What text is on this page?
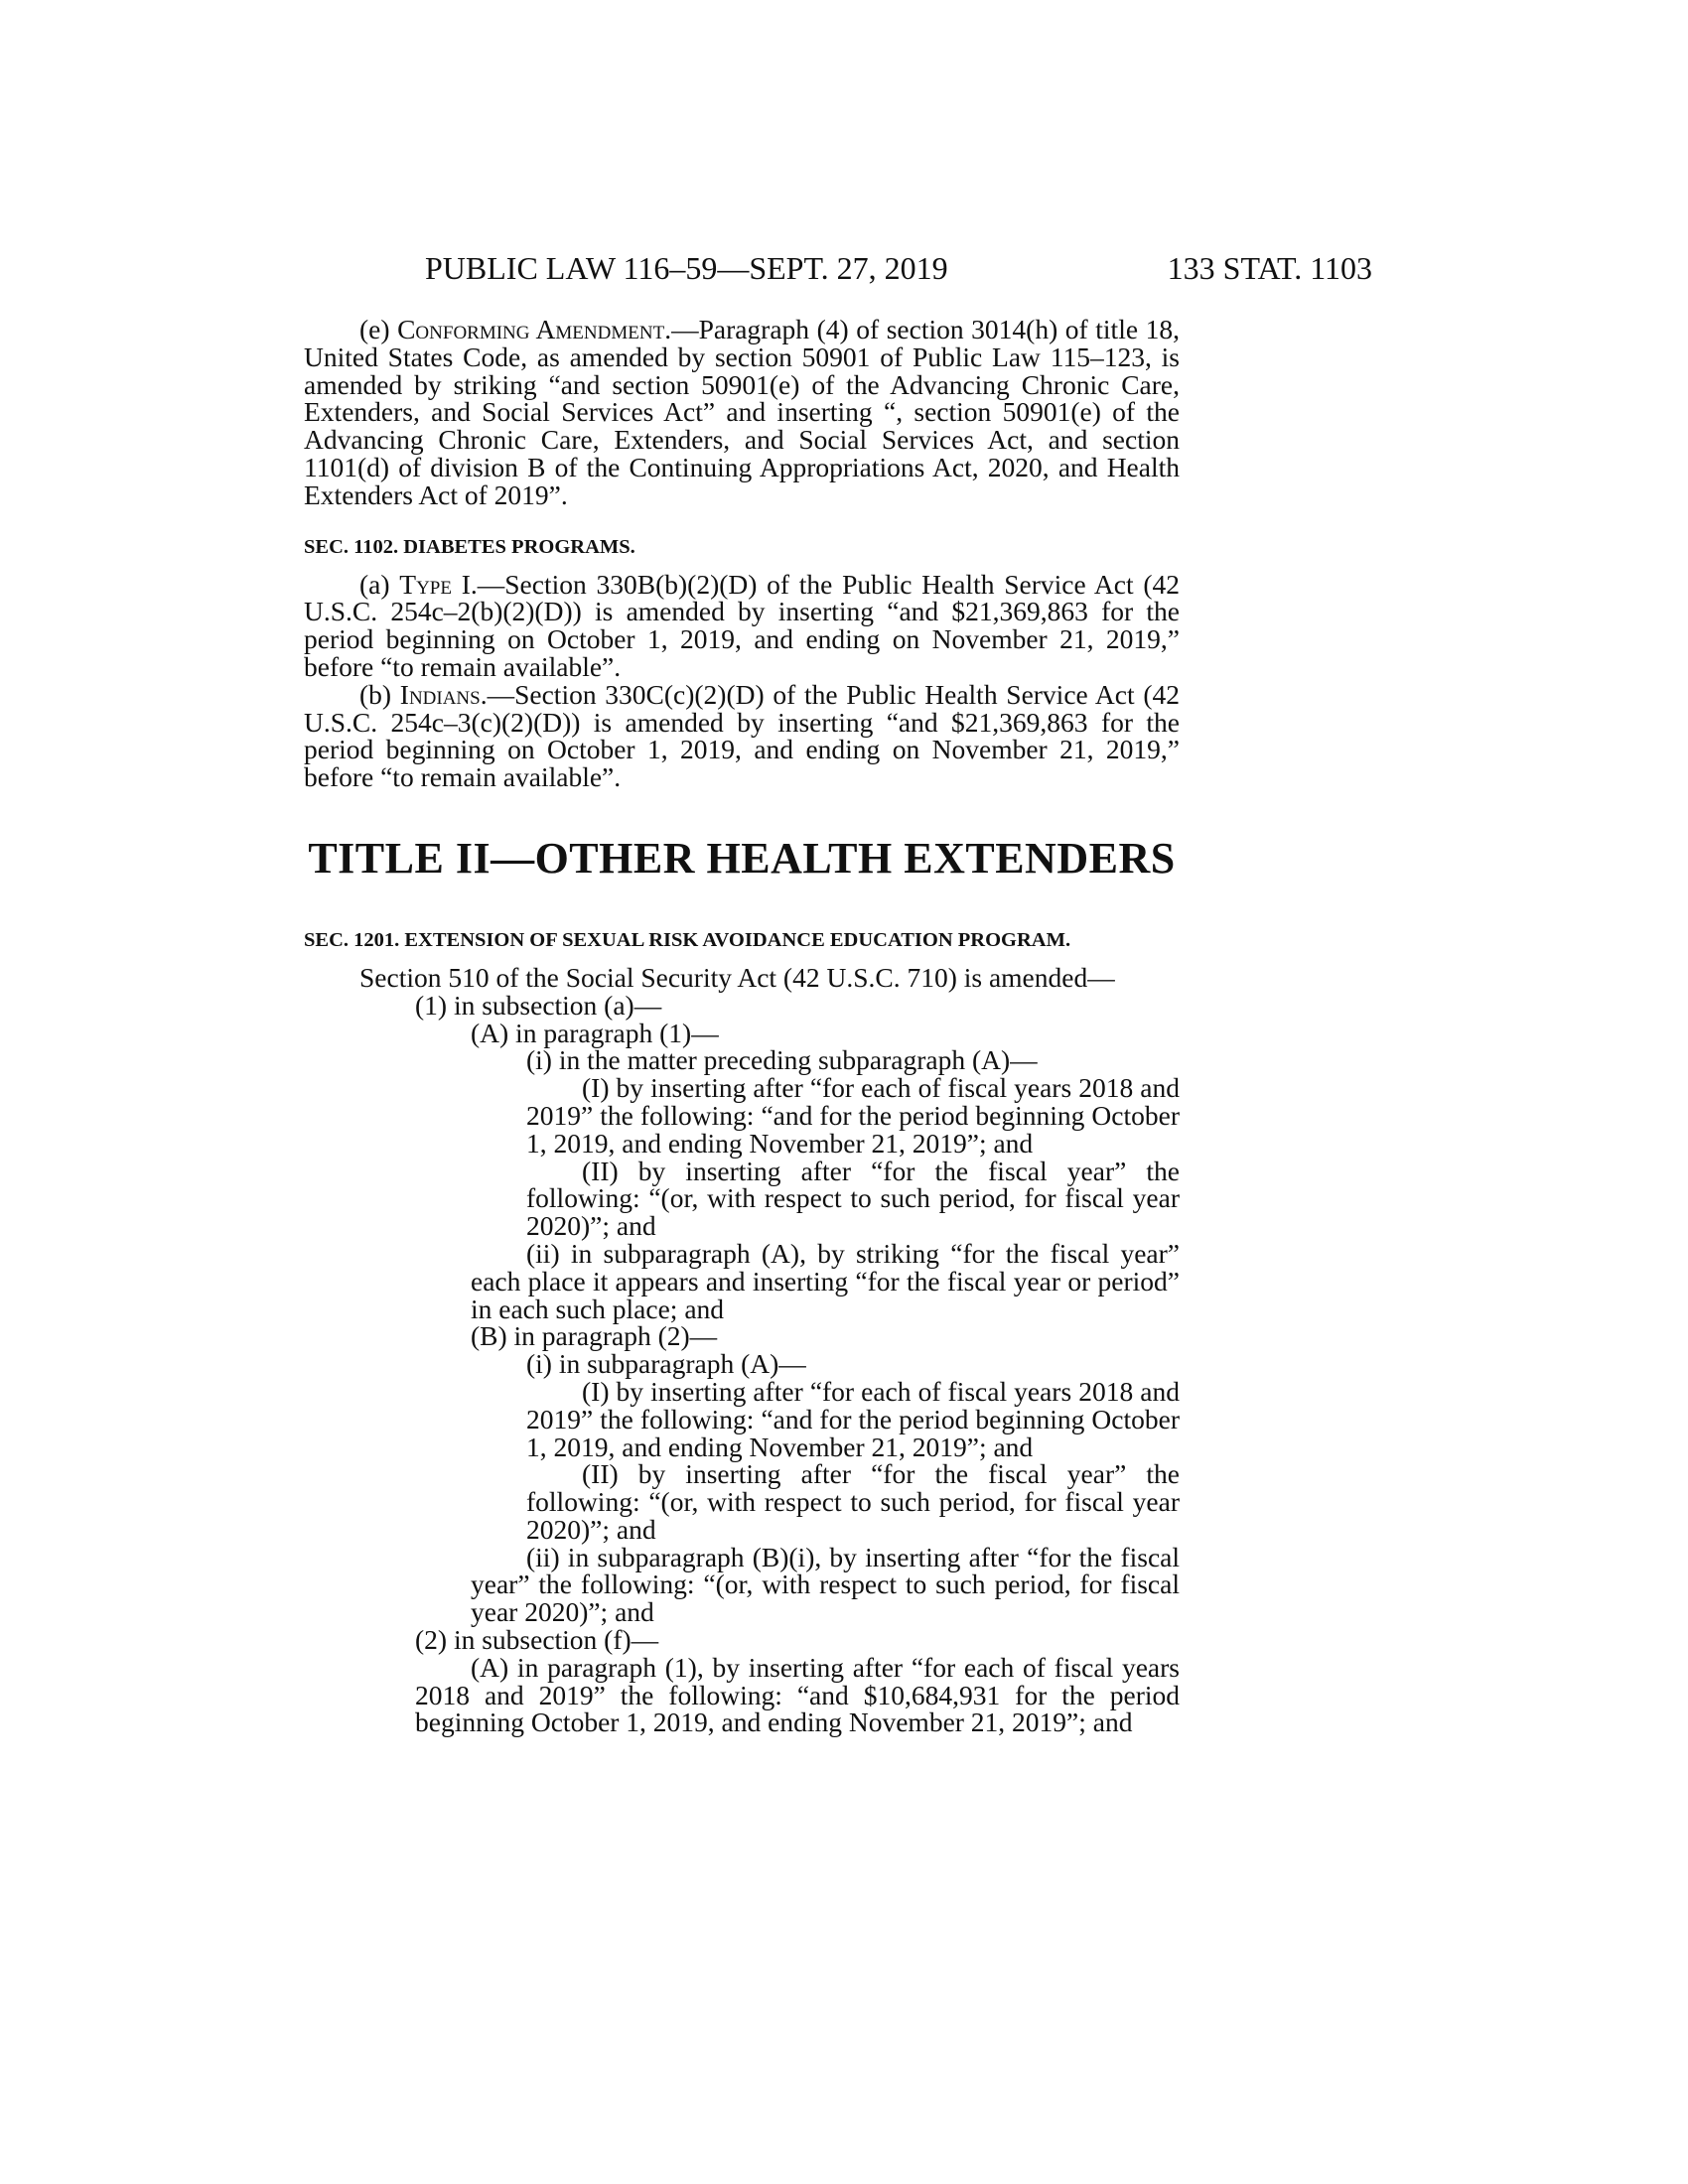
PUBLIC LAW 116–59—SEPT. 27, 2019	133 STAT. 1103

(e) Conforming Amendment.—Paragraph (4) of section 3014(h) of title 18, United States Code, as amended by section 50901 of Public Law 115–123, is amended by striking “and section 50901(e) of the Advancing Chronic Care, Extenders, and Social Services Act” and inserting “, section 50901(e) of the Advancing Chronic Care, Extenders, and Social Services Act, and section 1101(d) of division B of the Continuing Appropriations Act, 2020, and Health Extenders Act of 2019”.

SEC. 1102. DIABETES PROGRAMS.

(a) Type I.—Section 330B(b)(2)(D) of the Public Health Service Act (42 U.S.C. 254c–2(b)(2)(D)) is amended by inserting “and $21,369,863 for the period beginning on October 1, 2019, and ending on November 21, 2019,” before “to remain available”.

(b) Indians.—Section 330C(c)(2)(D) of the Public Health Service Act (42 U.S.C. 254c–3(c)(2)(D)) is amended by inserting “and $21,369,863 for the period beginning on October 1, 2019, and ending on November 21, 2019,” before “to remain available”.

TITLE II—OTHER HEALTH EXTENDERS
SEC. 1201. EXTENSION OF SEXUAL RISK AVOIDANCE EDUCATION PROGRAM.

Section 510 of the Social Security Act (42 U.S.C. 710) is amended—

(1) in subsection (a)—

(A) in paragraph (1)—

(i) in the matter preceding subparagraph (A)—

(I) by inserting after “for each of fiscal years 2018 and 2019” the following: “and for the period beginning October 1, 2019, and ending November 21, 2019”; and

(II) by inserting after “for the fiscal year” the following: “(or, with respect to such period, for fiscal year 2020)”; and

(ii) in subparagraph (A), by striking “for the fiscal year” each place it appears and inserting “for the fiscal year or period” in each such place; and

(B) in paragraph (2)—

(i) in subparagraph (A)—

(I) by inserting after “for each of fiscal years 2018 and 2019” the following: “and for the period beginning October 1, 2019, and ending November 21, 2019”; and

(II) by inserting after “for the fiscal year” the following: “(or, with respect to such period, for fiscal year 2020)”; and

(ii) in subparagraph (B)(i), by inserting after “for the fiscal year” the following: “(or, with respect to such period, for fiscal year 2020)”; and

(2) in subsection (f)—

(A) in paragraph (1), by inserting after “for each of fiscal years 2018 and 2019” the following: “and $10,684,931 for the period beginning October 1, 2019, and ending November 21, 2019”; and
